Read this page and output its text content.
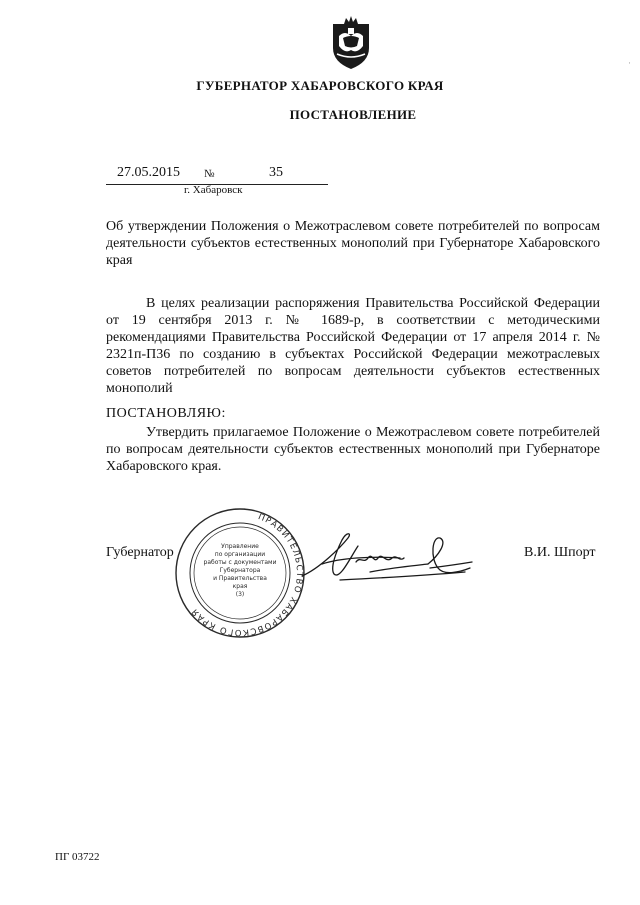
·
ГУБЕРНАТОР ХАБАРОВСКОГО КРАЯ
ПОСТАНОВЛЕНИЕ
27.05.2015 №	35
г. Хабаровск
Об утверждении Положения о Межотраслевом совете потребителей по вопросам деятельности субъектов естественных монополий при Губернаторе Хабаровского края
В целях реализации распоряжения Правительства Российской Федерации от 19 сентября 2013 г. № 1689-р, в соответствии с методическими рекомендациями Правительства Российской Федерации от 17 апреля 2014 г. № 2321п-П36 по созданию в субъектах Российской Федерации межотраслевых советов потребителей по вопросам деятельности субъектов естественных монополий
ПОСТАНОВЛЯЮ:
Утвердить прилагаемое Положение о Межотраслевом совете потребителей по вопросам деятельности субъектов естественных монополий при Губернаторе Хабаровского края.
ПРАВИТЕЛЬСТВО ХАБАРОВСКОГО КРАЯ
Управление
по организации
работы с документами
Губернатора
и Правительства
края
(3)
Губернатор	В.И. Шпорт
ПГ 03722
